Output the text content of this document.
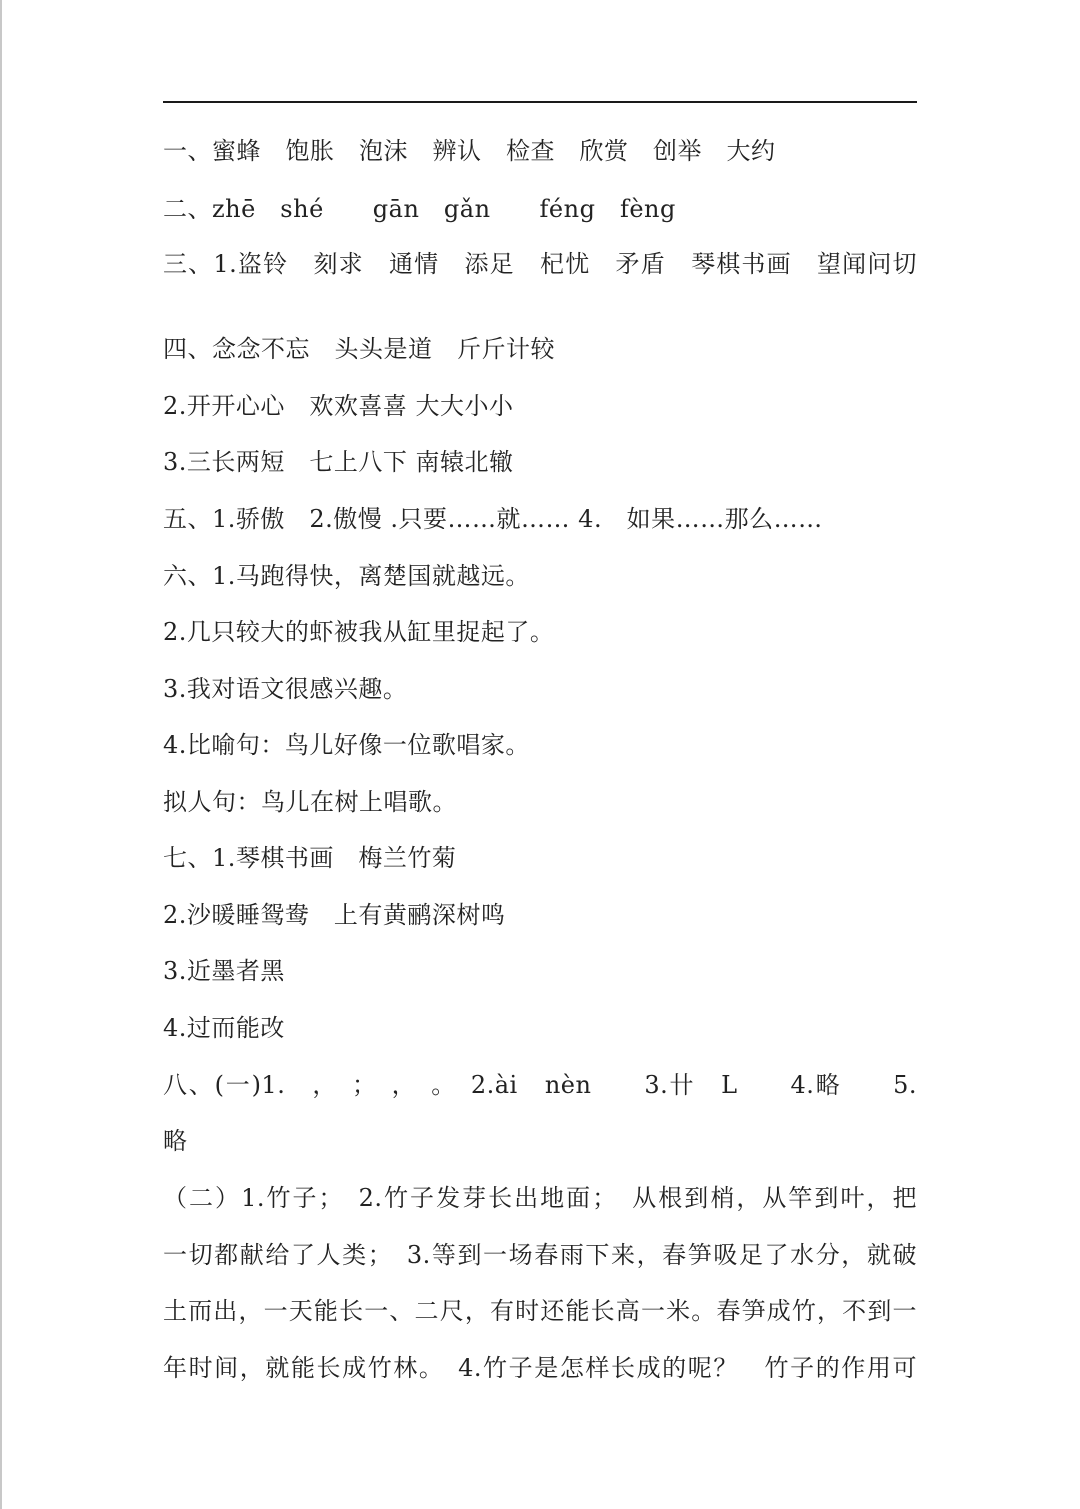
一、蜜蜂　饱胀　泡沫　辨认　检查　欣赏　创举　大约
二、zhē　shé　　gān　gǎn　　féng　fèng
三、1.盗铃　刻求　通情　添足　杞忧　矛盾　琴棋书画　望闻问切
四、念念不忘　头头是道　斤斤计较
2.开开心心　欢欢喜喜 大大小小
3.三长两短　七上八下 南辕北辙
五、1.骄傲　2.傲慢 .只要……就…… 4.　如果……那么……
六、1.马跑得快，离楚国就越远。
2.几只较大的虾被我从缸里捉起了。
3.我对语文很感兴趣。
4.比喻句：鸟儿好像一位歌唱家。
拟人句：鸟儿在树上唱歌。
七、1.琴棋书画　梅兰竹菊
2.沙暖睡鸳鸯　上有黄鹂深树鸣
3.近墨者黑
4.过而能改
八、(一)1.　，　；　，　。　2.ài　nèn　　3.卄　L　　4.略　　5.
略
（二）1.竹子；　2.竹子发芽长出地面；　从根到梢，从竿到叶，把
一切都献给了人类；　3.等到一场春雨下来，春笋吸足了水分，就破
土而出，一天能长一、二尺，有时还能长高一米。春笋成竹，不到一
年时间，就能长成竹林。　4.竹子是怎样长成的呢？　竹子的作用可
